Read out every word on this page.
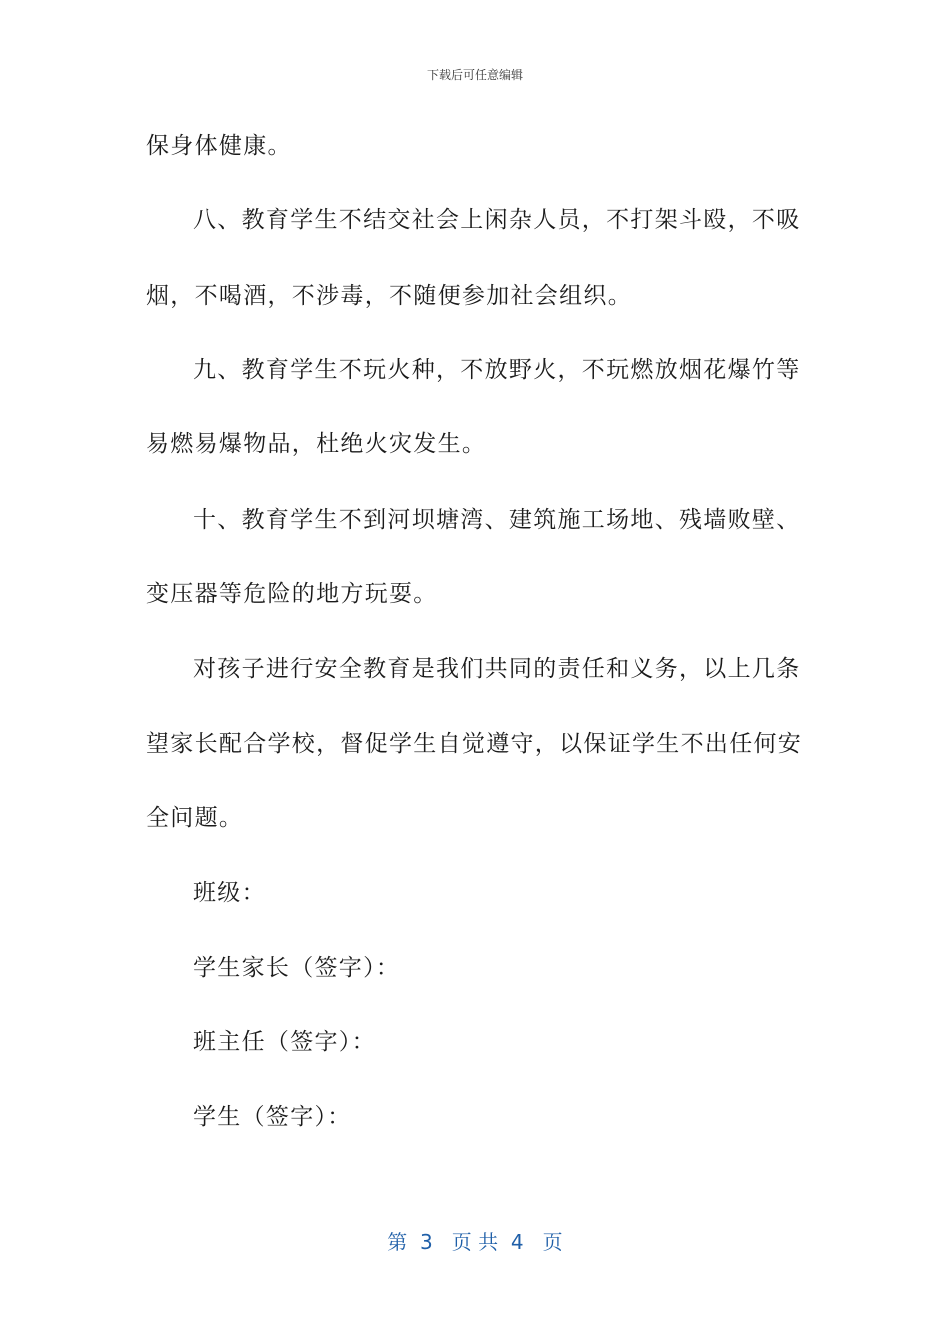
下载后可任意编辑
保身体健康。
八、教育学生不结交社会上闲杂人员，不打架斗殴，不吸
烟，不喝酒，不涉毒，不随便参加社会组织。
九、教育学生不玩火种，不放野火，不玩燃放烟花爆竹等
易燃易爆物品，杜绝火灾发生。
十、教育学生不到河坝塘湾、建筑施工场地、残墙败壁、
变压器等危险的地方玩耍。
对孩子进行安全教育是我们共同的责任和义务，以上几条
望家长配合学校，督促学生自觉遵守，以保证学生不出任何安
全问题。
班级：
学生家长（签字）：
班主任（签字）：
学生（签字）：
第  3   页 共  4   页
